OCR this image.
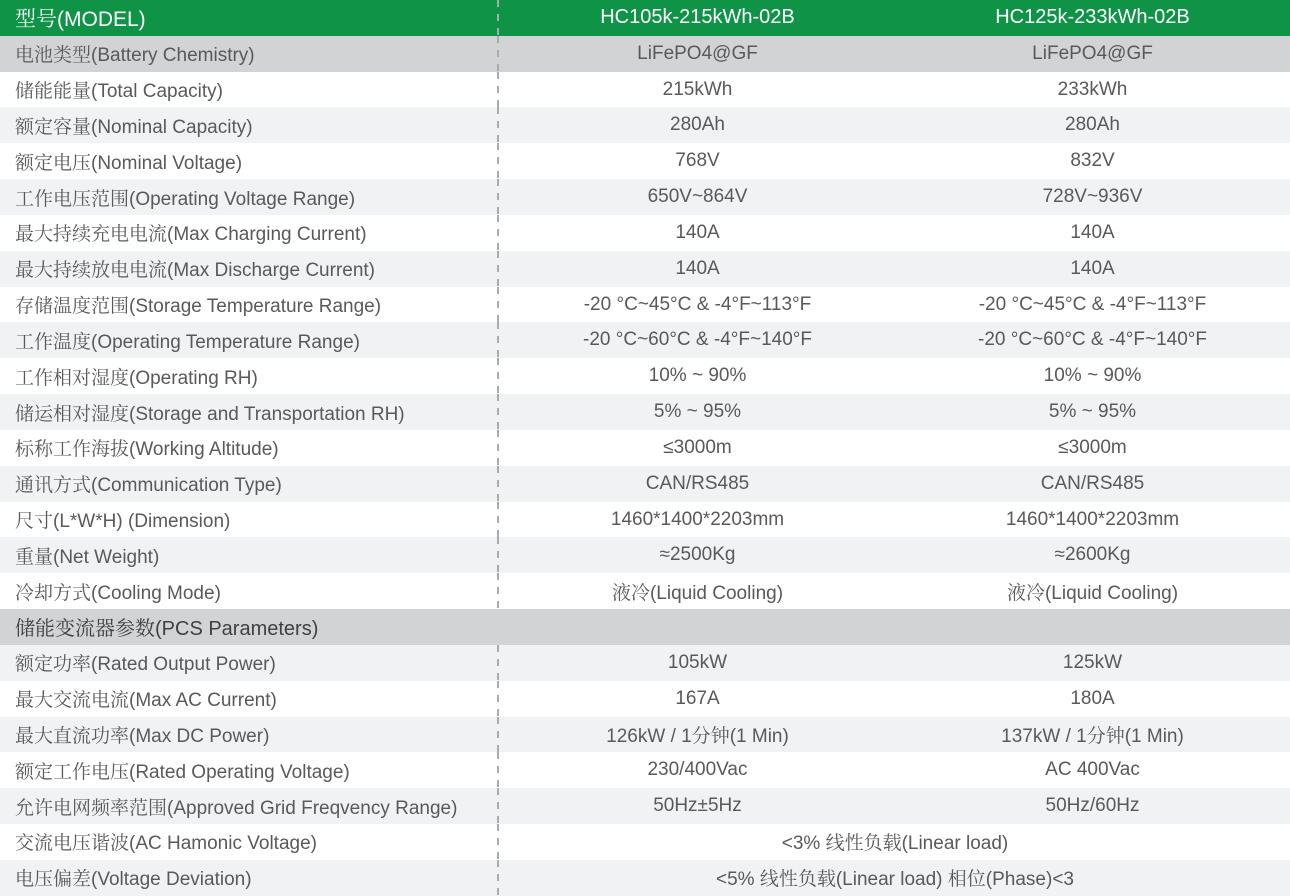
型号(MODEL)	HC105k-215kWh-02B	HC125k-233kWh-02B
电池类型(Battery Chemistry)	LiFePO4@GF	LiFePO4@GF
储能能量(Total Capacity)	215kWh	233kWh
额定容量(Nominal Capacity)	280Ah	280Ah
额定电压(Nominal Voltage)	768V	832V
工作电压范围(Operating Voltage Range)	650V~864V	728V~936V
最大持续充电电流(Max Charging Current)	140A	140A
最大持续放电电流(Max Discharge Current)	140A	140A
存储温度范围(Storage Temperature Range)	-20 °C~45°C & -4°F~113°F	-20 °C~45°C & -4°F~113°F
工作温度(Operating Temperature Range)	-20 °C~60°C & -4°F~140°F	-20 °C~60°C & -4°F~140°F
工作相对湿度(Operating RH)	10% ~ 90%	10% ~ 90%
储运相对湿度(Storage and Transportation RH)	5% ~ 95%	5% ~ 95%
标称工作海拔(Working Altitude)	≤3000m	≤3000m
通讯方式(Communication Type)	CAN/RS485	CAN/RS485
尺寸(L*W*H) (Dimension)	1460*1400*2203mm	1460*1400*2203mm
重量(Net Weight)	≈2500Kg	≈2600Kg
冷却方式(Cooling Mode)	液冷(Liquid Cooling)	液冷(Liquid Cooling)
储能变流器参数(PCS Parameters)
额定功率(Rated Output Power)	105kW	125kW
最大交流电流(Max AC Current)	167A	180A
最大直流功率(Max DC Power)	126kW / 1分钟(1 Min)	137kW / 1分钟(1 Min)
额定工作电压(Rated Operating Voltage)	230/400Vac	AC 400Vac
允许电网频率范围(Approved Grid Freqvency Range)	50Hz±5Hz	50Hz/60Hz
交流电压谐波(AC Hamonic Voltage)	<3% 线性负载(Linear load)
电压偏差(Voltage Deviation)	<5% 线性负载(Linear load) 相位(Phase)<3
